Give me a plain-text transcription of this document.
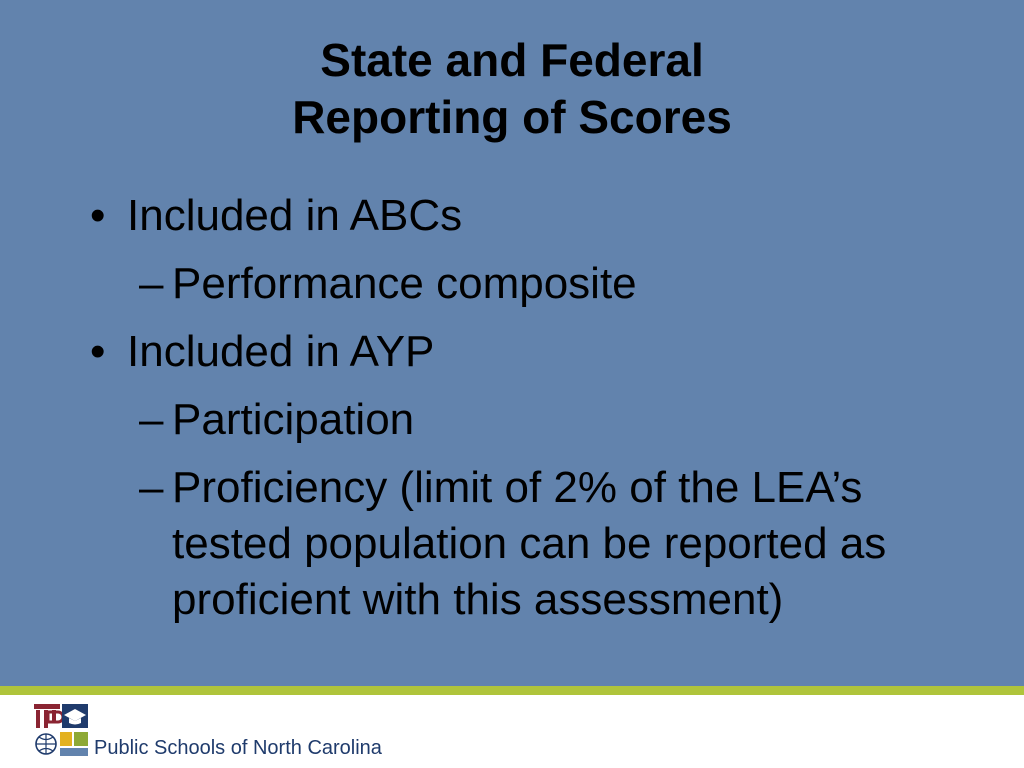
State and Federal
Reporting of Scores
• Included in ABCs
– Performance composite
• Included in AYP
– Participation
– Proficiency (limit of 2% of the LEA’s tested population can be reported as proficient with this assessment)
Public Schools of North Carolina
